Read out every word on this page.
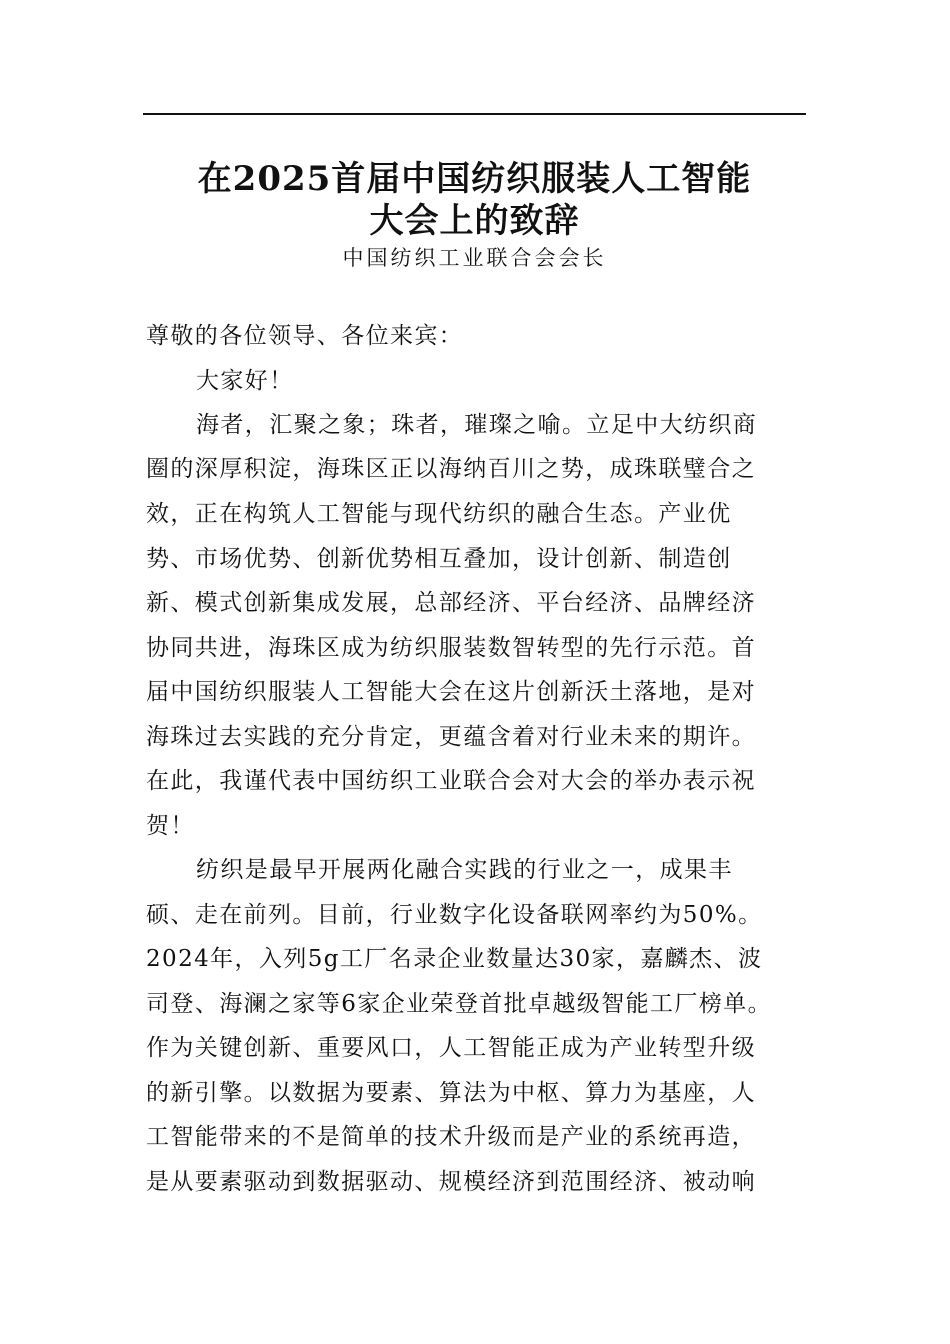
在2025首届中国纺织服装人工智能
大会上的致辞
中国纺织工业联合会会长
尊敬的各位领导、各位来宾：
大家好！
海者，汇聚之象；珠者，璀璨之喻。立足中大纺织商
圈的深厚积淀，海珠区正以海纳百川之势，成珠联璧合之
效，正在构筑人工智能与现代纺织的融合生态。产业优
势、市场优势、创新优势相互叠加，设计创新、制造创
新、模式创新集成发展，总部经济、平台经济、品牌经济
协同共进，海珠区成为纺织服装数智转型的先行示范。首
届中国纺织服装人工智能大会在这片创新沃土落地，是对
海珠过去实践的充分肯定，更蕴含着对行业未来的期许。
在此，我谨代表中国纺织工业联合会对大会的举办表示祝
贺！
纺织是最早开展两化融合实践的行业之一，成果丰
硕、走在前列。目前，行业数字化设备联网率约为50%。
2024年，入列5g工厂名录企业数量达30家，嘉麟杰、波
司登、海澜之家等6家企业荣登首批卓越级智能工厂榜单。
作为关键创新、重要风口，人工智能正成为产业转型升级
的新引擎。以数据为要素、算法为中枢、算力为基座，人
工智能带来的不是简单的技术升级而是产业的系统再造，
是从要素驱动到数据驱动、规模经济到范围经济、被动响
